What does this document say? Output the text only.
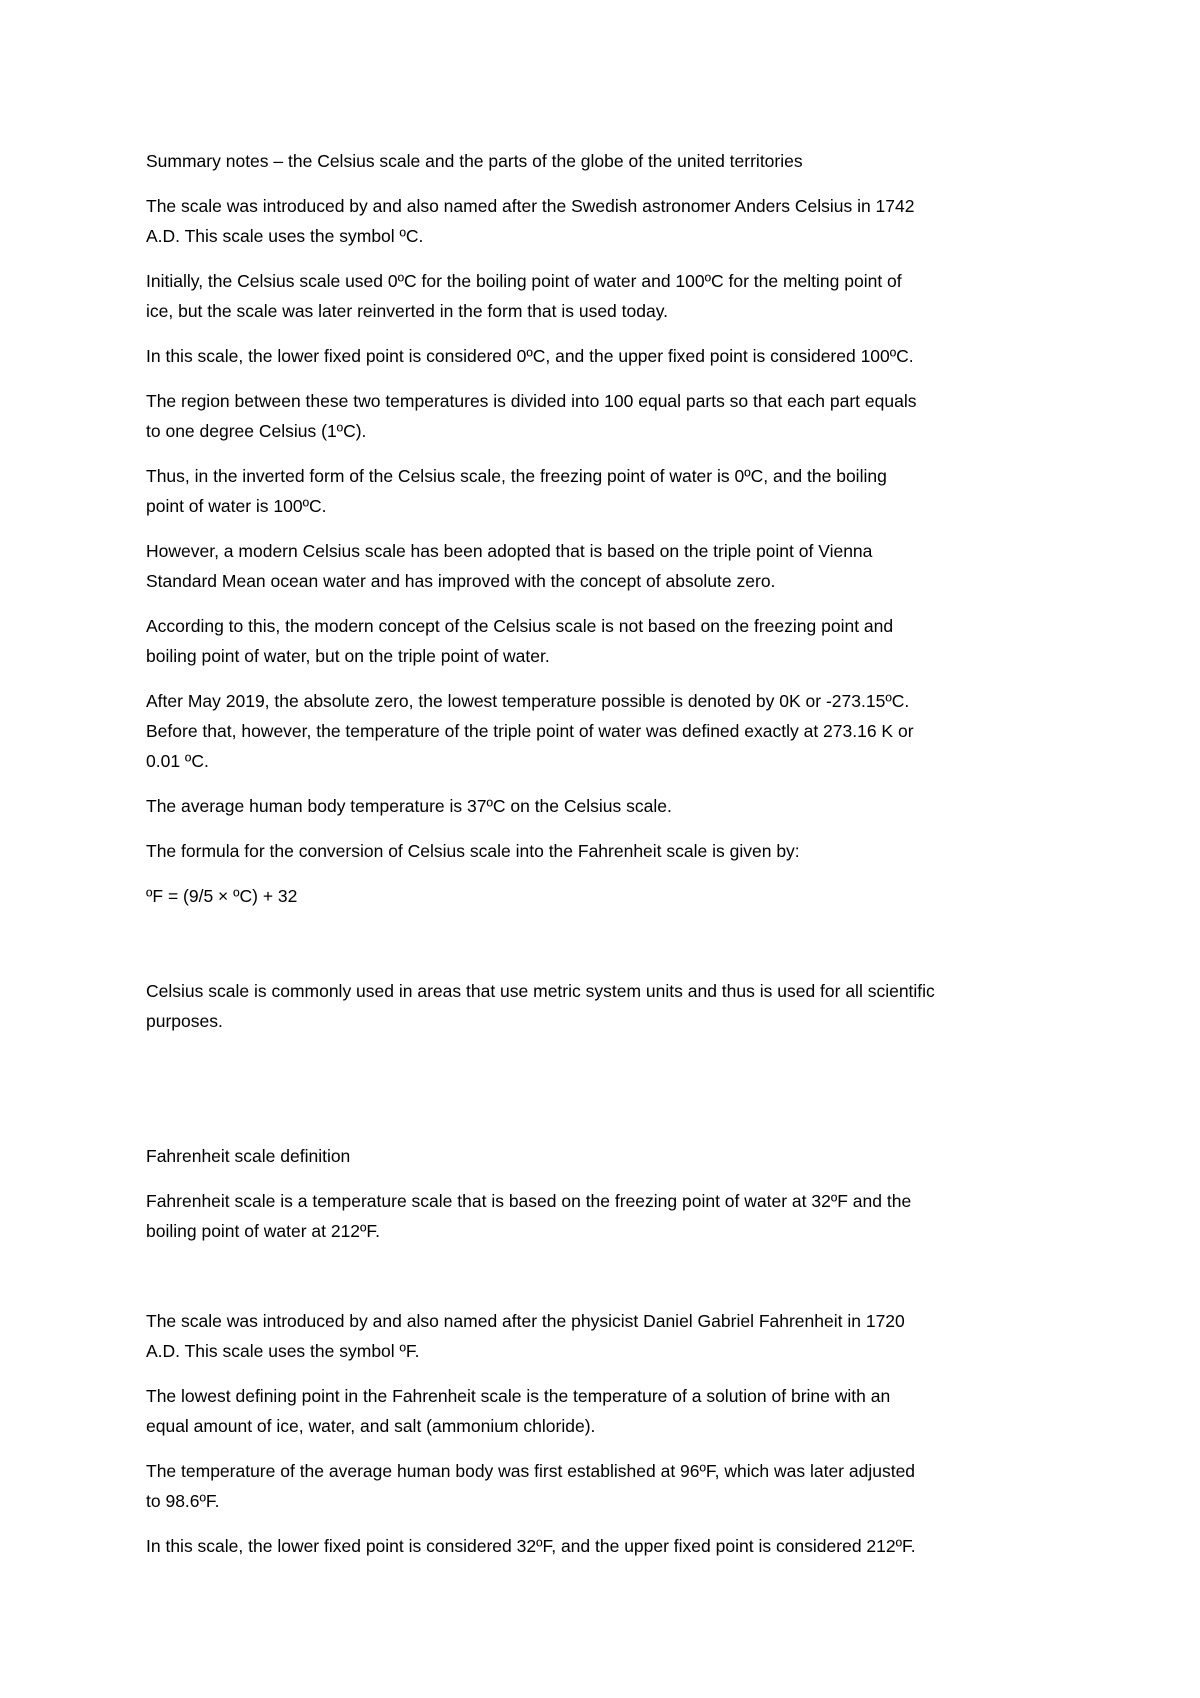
Summary notes – the Celsius scale and the parts of the globe of the united territories

The scale was introduced by and also named after the Swedish astronomer Anders Celsius in 1742
A.D. This scale uses the symbol ºC.

Initially, the Celsius scale used 0ºC for the boiling point of water and 100ºC for the melting point of
ice, but the scale was later reinverted in the form that is used today.

In this scale, the lower fixed point is considered 0ºC, and the upper fixed point is considered 100ºC.

The region between these two temperatures is divided into 100 equal parts so that each part equals
to one degree Celsius (1ºC).

Thus, in the inverted form of the Celsius scale, the freezing point of water is 0ºC, and the boiling
point of water is 100ºC.

However, a modern Celsius scale has been adopted that is based on the triple point of Vienna
Standard Mean ocean water and has improved with the concept of absolute zero.

According to this, the modern concept of the Celsius scale is not based on the freezing point and
boiling point of water, but on the triple point of water.

After May 2019, the absolute zero, the lowest temperature possible is denoted by 0K or -273.15ºC.
Before that, however, the temperature of the triple point of water was defined exactly at 273.16 K or
0.01 ºC.

The average human body temperature is 37ºC on the Celsius scale.

The formula for the conversion of Celsius scale into the Fahrenheit scale is given by:

ºF = (9/5 × ºC) + 32

Celsius scale is commonly used in areas that use metric system units and thus is used for all scientific
purposes.

Fahrenheit scale definition

Fahrenheit scale is a temperature scale that is based on the freezing point of water at 32ºF and the
boiling point of water at 212ºF.

The scale was introduced by and also named after the physicist Daniel Gabriel Fahrenheit in 1720
A.D. This scale uses the symbol ºF.

The lowest defining point in the Fahrenheit scale is the temperature of a solution of brine with an
equal amount of ice, water, and salt (ammonium chloride).

The temperature of the average human body was first established at 96ºF, which was later adjusted
to 98.6ºF.

In this scale, the lower fixed point is considered 32ºF, and the upper fixed point is considered 212ºF.
